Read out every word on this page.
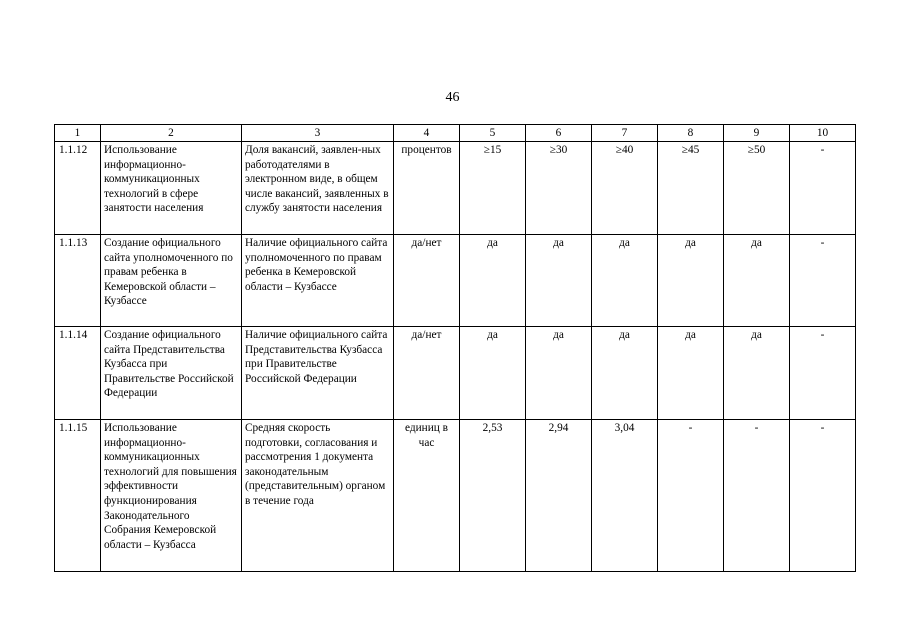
46
1	2	3	4	5	6	7	8	9	10
1.1.12	Использование информационно-коммуникационных технологий в сфере занятости населения	Доля вакансий, заявлен-ных работодателями в электронном виде, в общем числе вакансий, заявленных в службу занятости населения	процентов	≥15	≥30	≥40	≥45	≥50	-
1.1.13	Создание официального сайта уполномоченного по правам ребенка в Кемеровской области – Кузбассе	Наличие официального сайта уполномоченного по правам ребенка в Кемеровской области – Кузбассе	да/нет	да	да	да	да	да	-
1.1.14	Создание официального сайта Представительства Кузбасса при Правительстве Российской Федерации	Наличие официального сайта Представительства Кузбасса при Правительстве Российской Федерации	да/нет	да	да	да	да	да	-
1.1.15	Использование информационно-коммуникационных технологий для повышения эффективности функционирования Законодательного Собрания Кемеровской области – Кузбасса	Средняя скорость подготовки, согласования и рассмотрения 1 документа законодательным (представительным) органом в течение года	единиц в час	2,53	2,94	3,04	-	-	-
